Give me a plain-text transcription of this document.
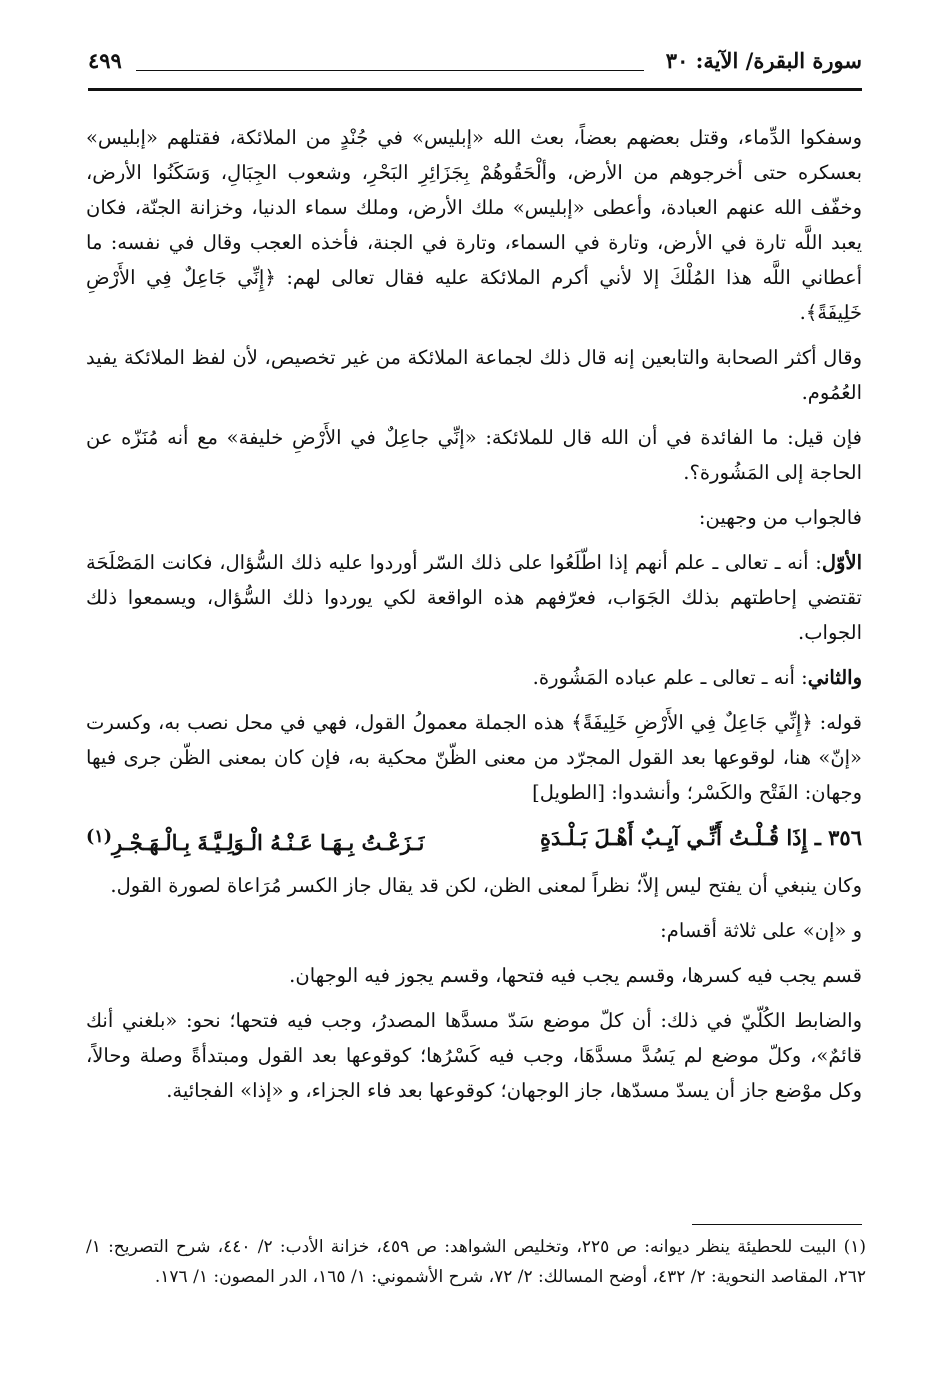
سورة البقرة/ الآية: ٣٠
٤٩٩

وسفكوا الدِّماء، وقتل بعضهم بعضاً، بعث الله «إبليس» في جُنْدٍ من الملائكة، فقتلهم «إبليس» بعسكره حتى أخرجوهم من الأرض، وألْحَقُوهُمْ بِجَزَائِرِ البَحْرِ، وشعوب الجِبَالِ، وَسَكَنُوا الأرض، وخفّف الله عنهم العبادة، وأعطى «إبليس» ملك الأرض، وملك سماء الدنيا، وخزانة الجنّة، فكان يعبد اللَّه تارة في الأرض، وتارة في السماء، وتارة في الجنة، فأخذه العجب وقال في نفسه: ما أعطاني اللَّه هذا المُلْكَ إلا لأني أكرم الملائكة عليه فقال تعالى لهم: ﴿إِنِّي جَاعِلٌ فِي الأَرْضِ خَلِيفَةً﴾.

وقال أكثر الصحابة والتابعين إنه قال ذلك لجماعة الملائكة من غير تخصيص، لأن لفظ الملائكة يفيد العُمُوم.

فإن قيل: ما الفائدة في أن الله قال للملائكة: «إنِّي جاعِلٌ في الأَرْضِ خليفة» مع أنه مُنَزّه عن الحاجة إلى المَشُورة؟.

فالجواب من وجهين:

الأوّل: أنه ـ تعالى ـ علم أنهم إذا اطّلَعُوا على ذلك السّر أوردوا عليه ذلك السُّؤال، فكانت المَصْلَحَة تقتضي إحاطتهم بذلك الجَوَاب، فعرّفهم هذه الواقعة لكي يوردوا ذلك السُّؤال، ويسمعوا ذلك الجواب.

والثاني: أنه ـ تعالى ـ علم عباده المَشُورة.

قوله: ﴿إِنِّي جَاعِلٌ فِي الأَرْضِ خَلِيفَةً﴾ هذه الجملة معمولُ القول، فهي في محل نصب به، وكسرت «إنّ» هنا، لوقوعها بعد القول المجرّد من معنى الظّنّ محكية به، فإن كان بمعنى الظّن جرى فيها وجهان: الفَتْح والكَسْر؛ وأنشدوا: [الطويل]

٣٥٦ ـ إِذَا قُـلْـتُ أَنِّـي آيِـبٌ أَهْـلَ بَـلْـدَةٍ
نَـزَعْـتُ بِـهَـا عَـنْـهُ الْـوَلِـيَّـةَ بِـالْـهَـجْـرِ$^{(١)}$

وكان ينبغي أن يفتح ليس إلاّ؛ نظراً لمعنى الظن، لكن قد يقال جاز الكسر مُرَاعاة لصورة القول.

و «إن» على ثلاثة أقسام:

قسم يجب فيه كسرها، وقسم يجب فيه فتحها، وقسم يجوز فيه الوجهان.

والضابط الكُلّيّ في ذلك: أن كلّ موضع سَدّ مسدَّها المصدرُ، وجب فيه فتحها؛ نحو: «بلغني أنك قائمٌ»، وكلّ موضع لم يَسُدَّ مسدَّهَا، وجب فيه كَسْرُها؛ كوقوعها بعد القول ومبتدأةً وصلة وحالاً، وكل موْضع جاز أن يسدّ مسدّها، جاز الوجهان؛ كوقوعها بعد فاء الجزاء، و «إذا» الفجائية.

(١) البيت للحطيئة ينظر ديوانه: ص ٢٢٥، وتخليص الشواهد: ص ٤٥٩، خزانة الأدب: ٢/ ٤٤٠، شرح التصريح: ١/ ٢٦٢، المقاصد النحوية: ٢/ ٤٣٢، أوضح المسالك: ٢/ ٧٢، شرح الأشموني: ١/ ١٦٥، الدر المصون: ١/ ١٧٦.
